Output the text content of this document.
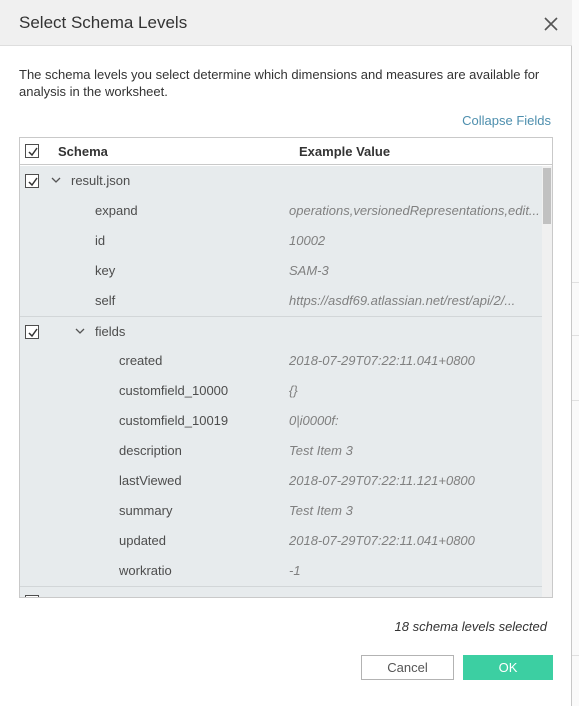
Select Schema Levels
The schema levels you select determine which dimensions and measures are available for analysis in the worksheet.
Collapse Fields
Schema	Example Value
result.json
expand	operations,versionedRepresentations,edit...
id	10002
key	SAM-3
self	https://asdf69.atlassian.net/rest/api/2/...
fields
created	2018-07-29T07:22:11.041+0800
customfield_10000	{}
customfield_10019	0|i0000f:
description	Test Item 3
lastViewed	2018-07-29T07:22:11.121+0800
summary	Test Item 3
updated	2018-07-29T07:22:11.041+0800
workratio	-1
18 schema levels selected
Cancel	OK
